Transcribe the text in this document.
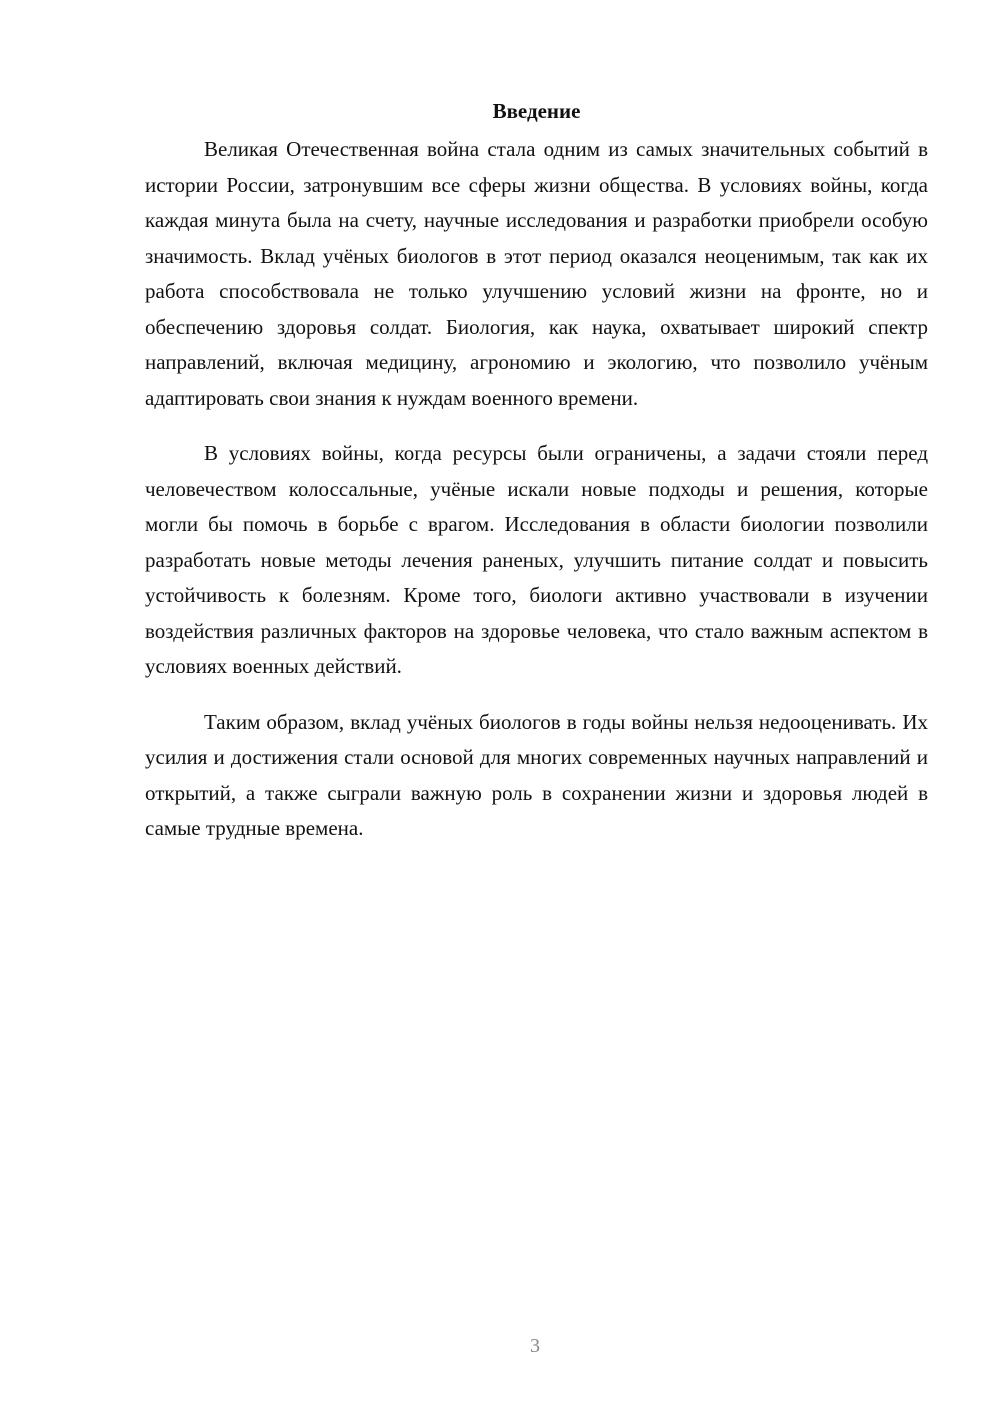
Введение

Великая Отечественная война стала одним из самых значительных событий в истории России, затронувшим все сферы жизни общества. В условиях войны, когда каждая минута была на счету, научные исследования и разработки приобрели особую значимость. Вклад учёных биологов в этот период оказался неоценимым, так как их работа способствовала не только улучшению условий жизни на фронте, но и обеспечению здоровья солдат. Биология, как наука, охватывает широкий спектр направлений, включая медицину, агрономию и экологию, что позволило учёным адаптировать свои знания к нуждам военного времени.

В условиях войны, когда ресурсы были ограничены, а задачи стояли перед человечеством колоссальные, учёные искали новые подходы и решения, которые могли бы помочь в борьбе с врагом. Исследования в области биологии позволили разработать новые методы лечения раненых, улучшить питание солдат и повысить устойчивость к болезням. Кроме того, биологи активно участвовали в изучении воздействия различных факторов на здоровье человека, что стало важным аспектом в условиях военных действий.

Таким образом, вклад учёных биологов в годы войны нельзя недооценивать. Их усилия и достижения стали основой для многих современных научных направлений и открытий, а также сыграли важную роль в сохранении жизни и здоровья людей в самые трудные времена.

3
